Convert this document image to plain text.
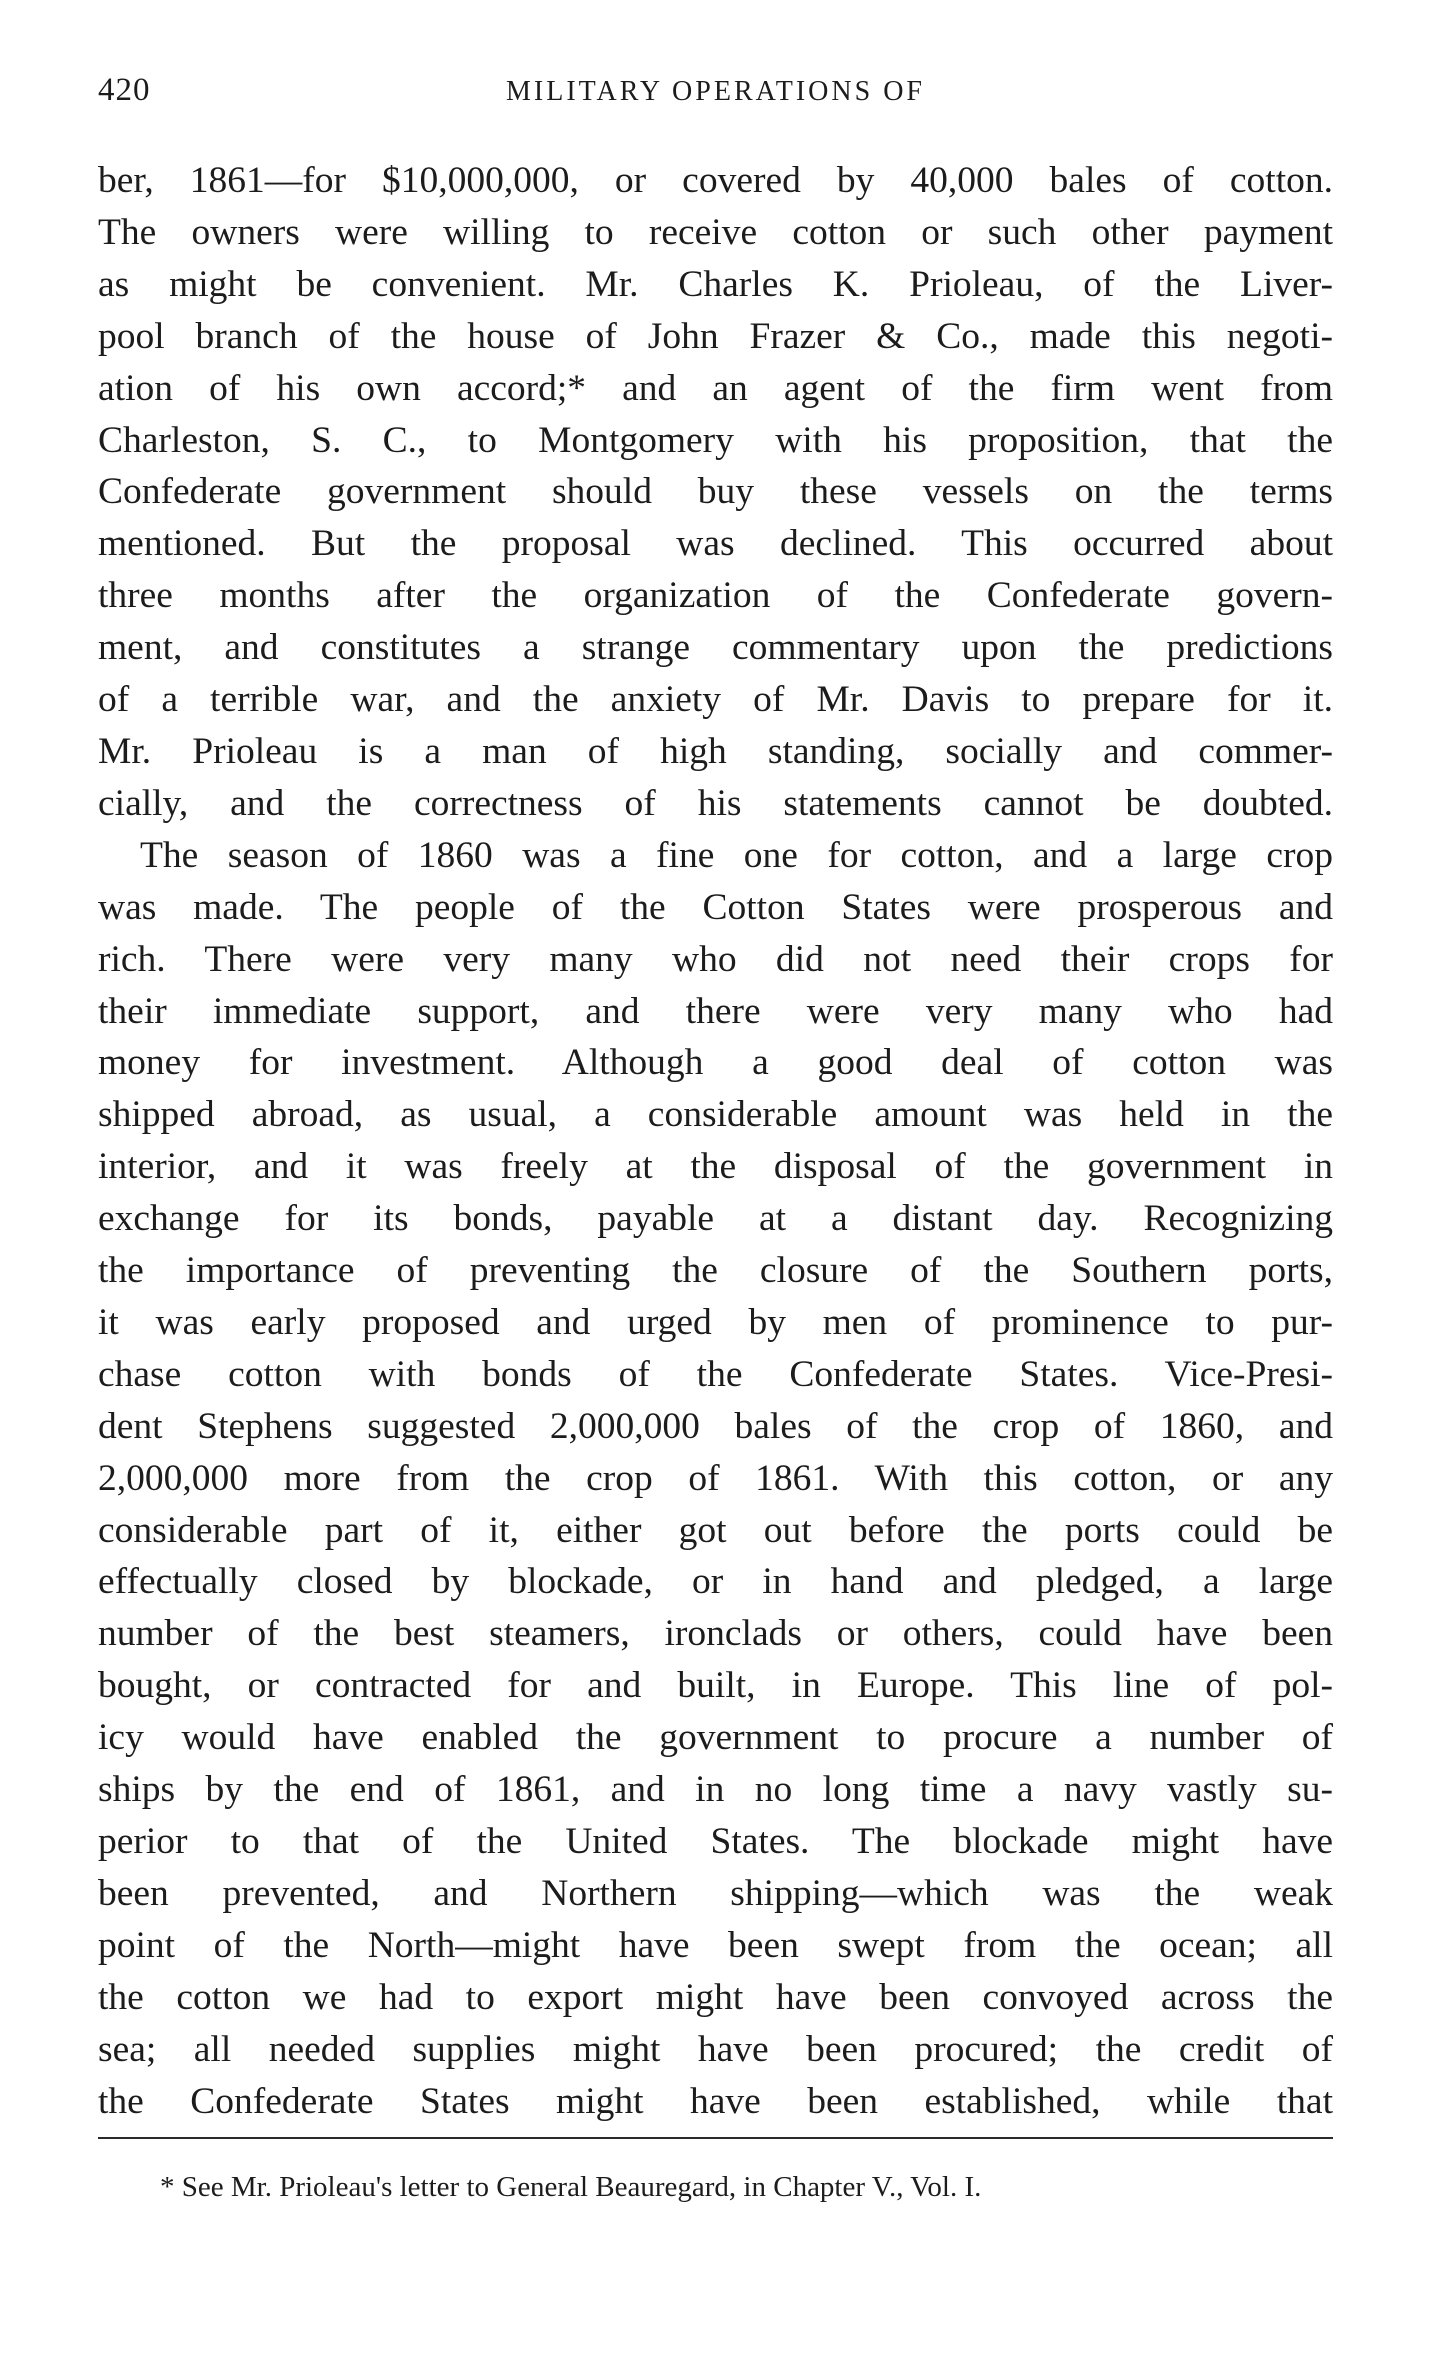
420	MILITARY OPERATIONS OF
ber, 1861—for $10,000,000, or covered by 40,000 bales of cotton.
The owners were willing to receive cotton or such other payment
as might be convenient. Mr. Charles K. Prioleau, of the Liver-
pool branch of the house of John Frazer & Co., made this negoti-
ation of his own accord;* and an agent of the firm went from
Charleston, S. C., to Montgomery with his proposition, that the
Confederate government should buy these vessels on the terms
mentioned. But the proposal was declined. This occurred about
three months after the organization of the Confederate govern-
ment, and constitutes a strange commentary upon the predictions
of a terrible war, and the anxiety of Mr. Davis to prepare for it.
Mr. Prioleau is a man of high standing, socially and commer-
cially, and the correctness of his statements cannot be doubted.
The season of 1860 was a fine one for cotton, and a large crop
was made. The people of the Cotton States were prosperous and
rich. There were very many who did not need their crops for
their immediate support, and there were very many who had
money for investment. Although a good deal of cotton was
shipped abroad, as usual, a considerable amount was held in the
interior, and it was freely at the disposal of the government in
exchange for its bonds, payable at a distant day. Recognizing
the importance of preventing the closure of the Southern ports,
it was early proposed and urged by men of prominence to pur-
chase cotton with bonds of the Confederate States. Vice-Presi-
dent Stephens suggested 2,000,000 bales of the crop of 1860, and
2,000,000 more from the crop of 1861. With this cotton, or any
considerable part of it, either got out before the ports could be
effectually closed by blockade, or in hand and pledged, a large
number of the best steamers, ironclads or others, could have been
bought, or contracted for and built, in Europe. This line of pol-
icy would have enabled the government to procure a number of
ships by the end of 1861, and in no long time a navy vastly su-
perior to that of the United States. The blockade might have
been prevented, and Northern shipping—which was the weak
point of the North—might have been swept from the ocean; all
the cotton we had to export might have been convoyed across the
sea; all needed supplies might have been procured; the credit of
the Confederate States might have been established, while that
* See Mr. Prioleau's letter to General Beauregard, in Chapter V., Vol. I.
